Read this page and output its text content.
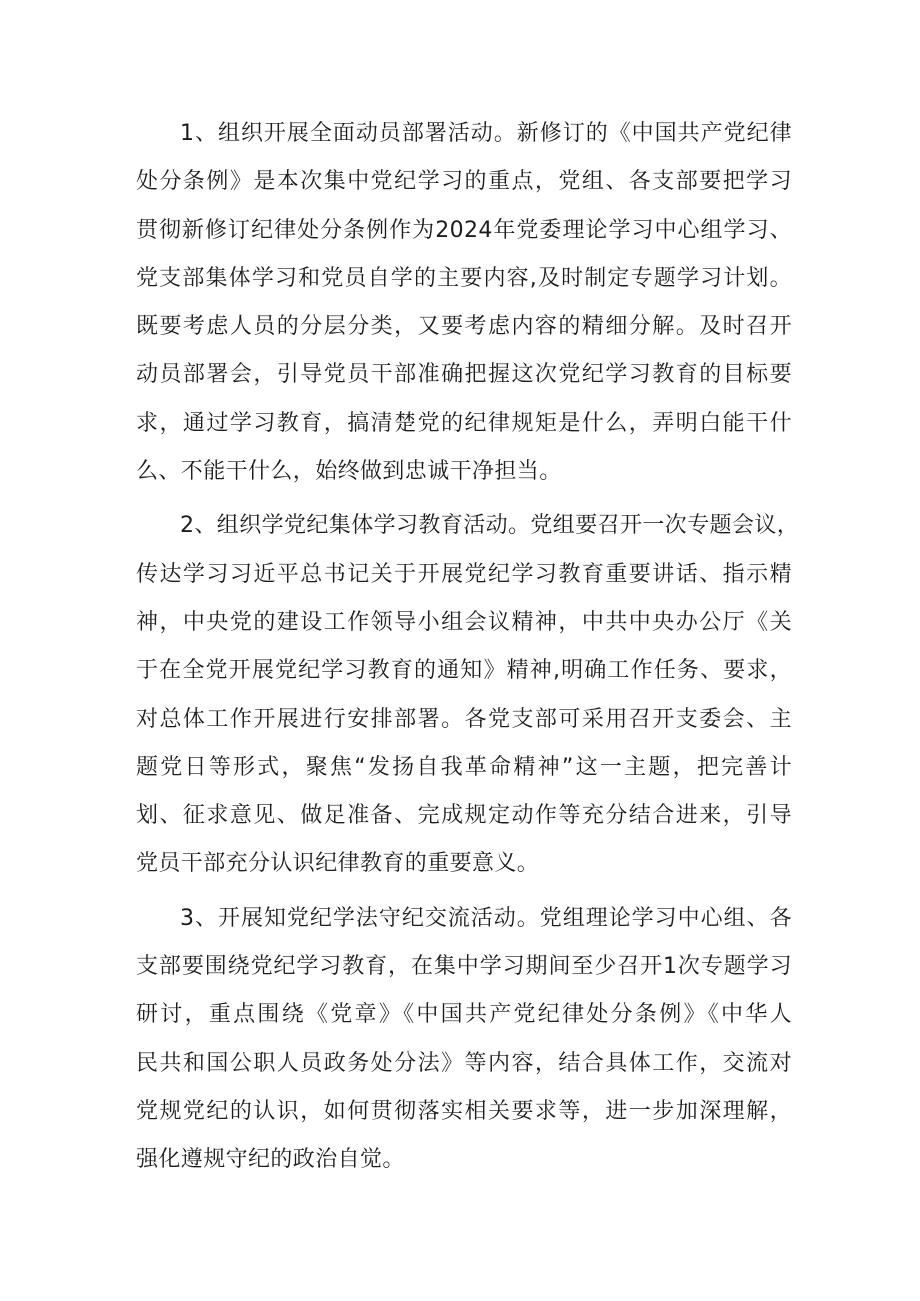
1、组织开展全面动员部署活动。新修订的《中国共产党纪律
处分条例》是本次集中党纪学习的重点，党组、各支部要把学习
贯彻新修订纪律处分条例作为2024年党委理论学习中心组学习、
党支部集体学习和党员自学的主要内容,及时制定专题学习计划。
既要考虑人员的分层分类，又要考虑内容的精细分解。及时召开
动员部署会，引导党员干部准确把握这次党纪学习教育的目标要
求，通过学习教育，搞清楚党的纪律规矩是什么，弄明白能干什
么、不能干什么，始终做到忠诚干净担当。

2、组织学党纪集体学习教育活动。党组要召开一次专题会议，
传达学习习近平总书记关于开展党纪学习教育重要讲话、指示精
神，中央党的建设工作领导小组会议精神，中共中央办公厅《关
于在全党开展党纪学习教育的通知》精神,明确工作任务、要求，
对总体工作开展进行安排部署。各党支部可采用召开支委会、主
题党日等形式，聚焦“发扬自我革命精神”这一主题，把完善计
划、征求意见、做足准备、完成规定动作等充分结合进来，引导
党员干部充分认识纪律教育的重要意义。

3、开展知党纪学法守纪交流活动。党组理论学习中心组、各
支部要围绕党纪学习教育，在集中学习期间至少召开1次专题学习
研讨，重点围绕《党章》《中国共产党纪律处分条例》《中华人
民共和国公职人员政务处分法》等内容，结合具体工作，交流对
党规党纪的认识，如何贯彻落实相关要求等，进一步加深理解，
强化遵规守纪的政治自觉。
